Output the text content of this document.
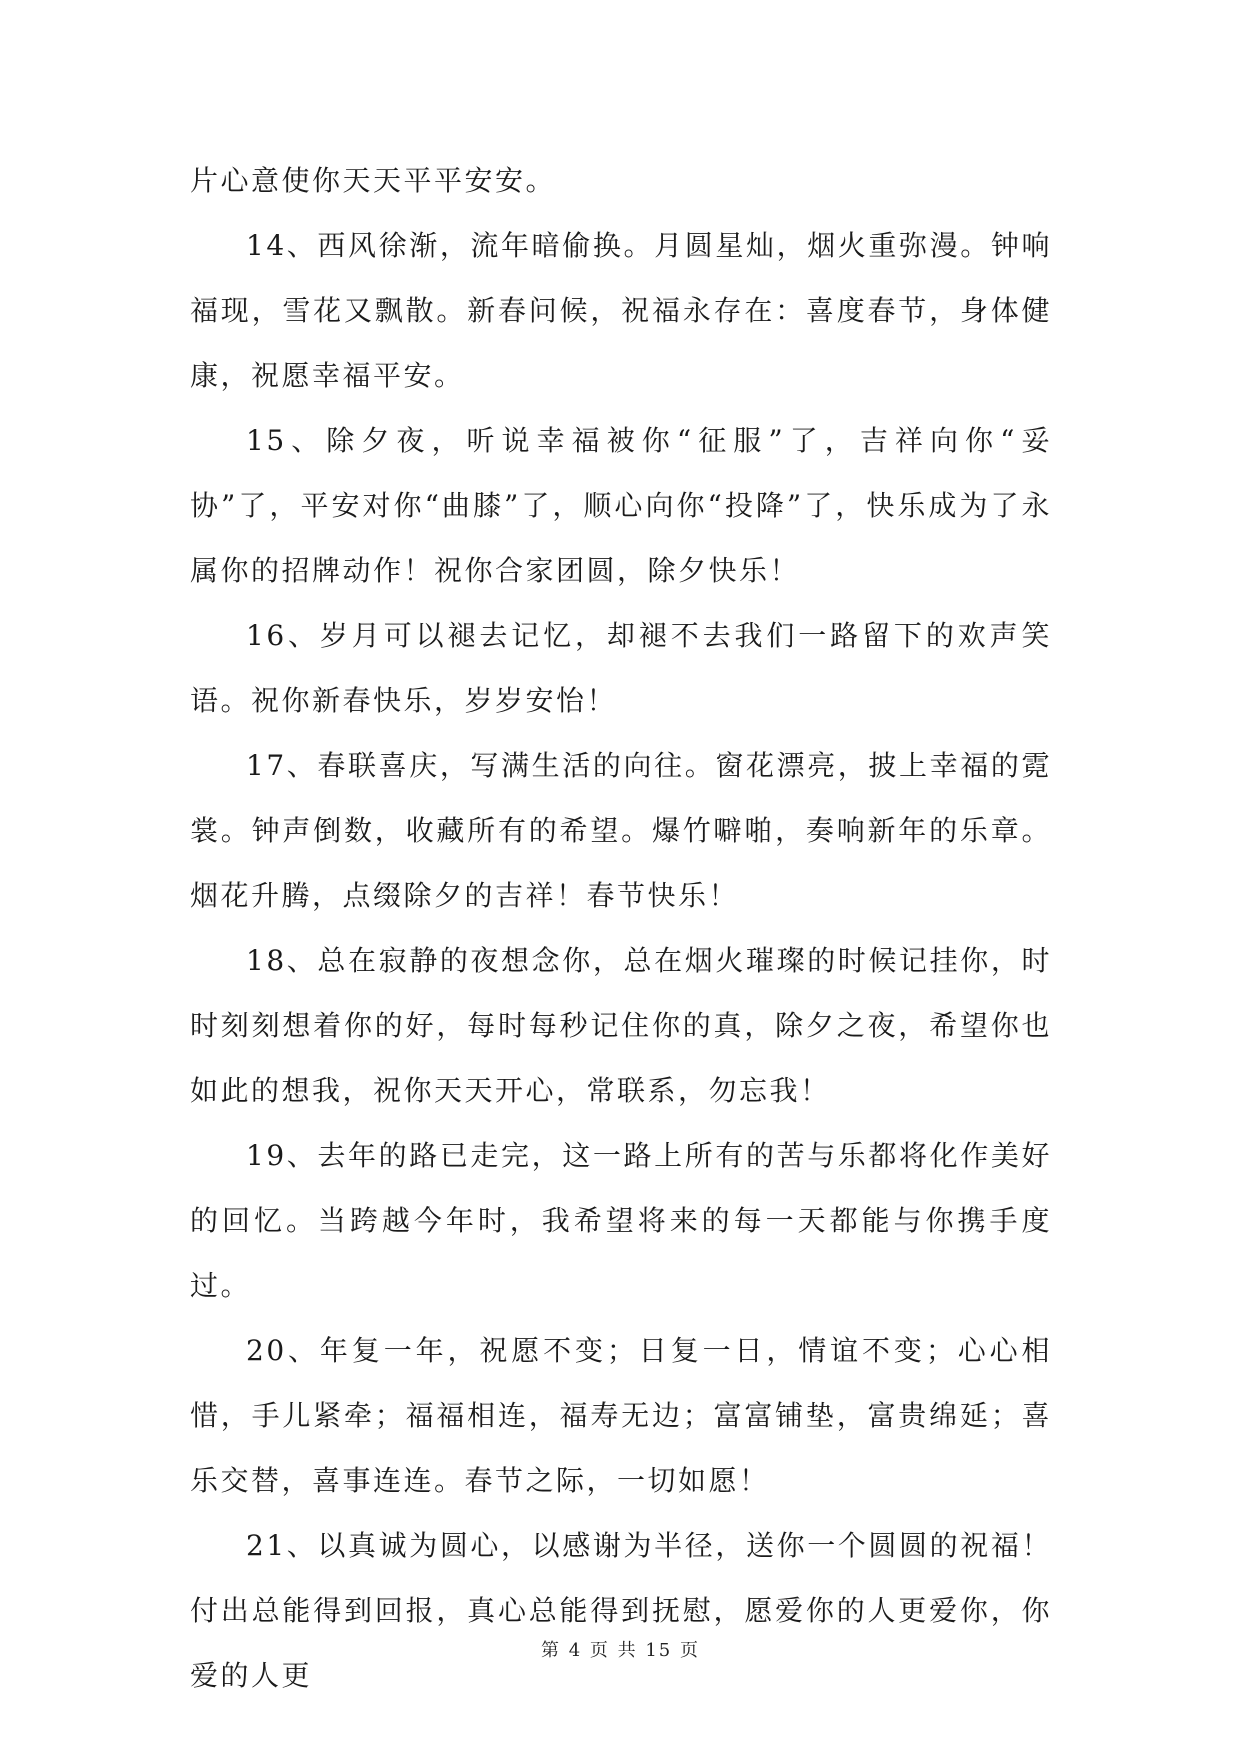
片心意使你天天平平安安。

14、西风徐渐，流年暗偷换。月圆星灿，烟火重弥漫。钟响福现，雪花又飘散。新春问候，祝福永存在：喜度春节，身体健康，祝愿幸福平安。

15、除夕夜，听说幸福被你“征服”了，吉祥向你“妥协”了，平安对你“曲膝”了，顺心向你“投降”了，快乐成为了永属你的招牌动作！祝你合家团圆，除夕快乐！

16、岁月可以褪去记忆，却褪不去我们一路留下的欢声笑语。祝你新春快乐，岁岁安怡！

17、春联喜庆，写满生活的向往。窗花漂亮，披上幸福的霓裳。钟声倒数，收藏所有的希望。爆竹噼啪，奏响新年的乐章。烟花升腾，点缀除夕的吉祥！春节快乐！

18、总在寂静的夜想念你，总在烟火璀璨的时候记挂你，时时刻刻想着你的好，每时每秒记住你的真，除夕之夜，希望你也如此的想我，祝你天天开心，常联系，勿忘我！

19、去年的路已走完，这一路上所有的苦与乐都将化作美好的回忆。当跨越今年时，我希望将来的每一天都能与你携手度过。

20、年复一年，祝愿不变；日复一日，情谊不变；心心相惜，手儿紧牵；福福相连，福寿无边；富富铺垫，富贵绵延；喜乐交替，喜事连连。春节之际，一切如愿！

21、以真诚为圆心，以感谢为半径，送你一个圆圆的祝福！付出总能得到回报，真心总能得到抚慰，愿爱你的人更爱你，你爱的人更

第 4 页 共 15 页
